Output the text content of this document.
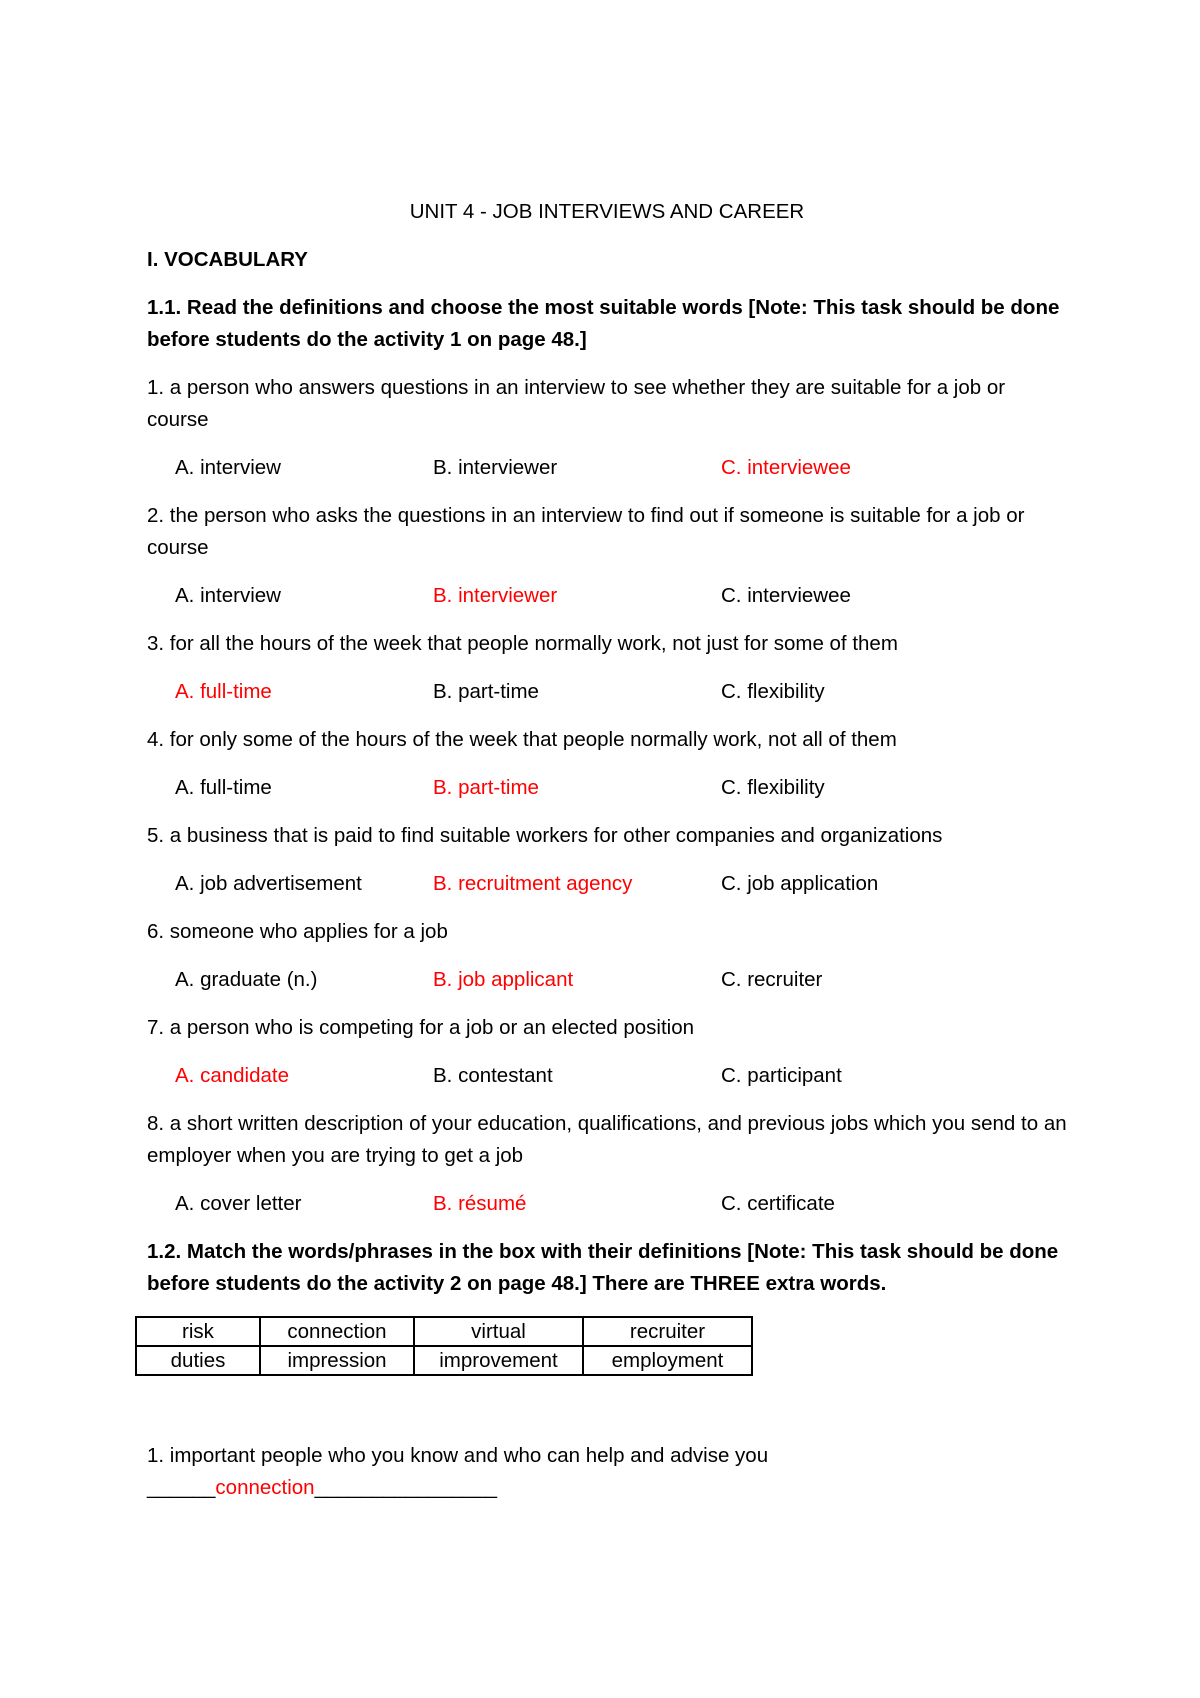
UNIT 4 - JOB INTERVIEWS AND CAREER
I. VOCABULARY
1.1. Read the definitions and choose the most suitable words [Note: This task should be done before students do the activity 1 on page 48.]
1. a person who answers questions in an interview to see whether they are suitable for a job or course
A. interview	B. interviewer	C. interviewee
2. the person who asks the questions in an interview to find out if someone is suitable for a job or course
A. interview	B. interviewer	C. interviewee
3. for all the hours of the week that people normally work, not just for some of them
A. full-time	B. part-time	C. flexibility
4. for only some of the hours of the week that people normally work, not all of them
A. full-time	B. part-time	C. flexibility
5. a business that is paid to find suitable workers for other companies and organizations
A. job advertisement	B. recruitment agency	C. job application
6. someone who applies for a job
A. graduate (n.)	B. job applicant	C. recruiter
7. a person who is competing for a job or an elected position
A. candidate	B. contestant	C. participant
8. a short written description of your education, qualifications, and previous jobs which you send to an employer when you are trying to get a job
A. cover letter	B. résumé	C. certificate
1.2. Match the words/phrases in the box with their definitions [Note: This task should be done before students do the activity 2 on page 48.] There are THREE extra words.
risk	connection	virtual	recruiter
duties	impression	improvement	employment
1. important people who you know and who can help and advise you
______connection________________
